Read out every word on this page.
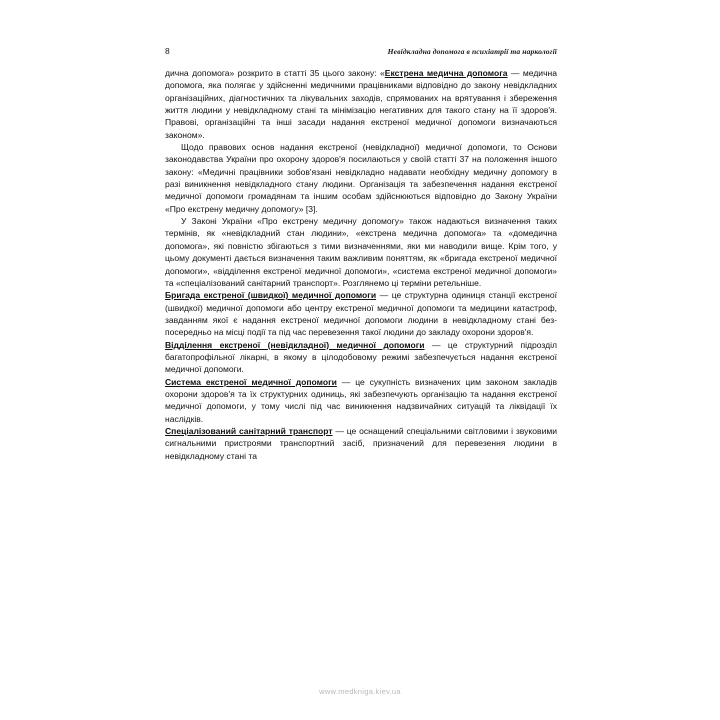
8	Невідкладна допомога в психіатрії та наркології

дична допомога» розкрито в статті 35 цього закону: «Екстрена медична допомога — медична допомога, яка полягає у здійсненні медичними працівниками відповідно до закону невідкладних організаційних, діагностичних та лікувальних заходів, спрямованих на врятування і збереження життя людини у невідкладному стані та мінімізацію негативних для такого стану на її здоров'я. Правові, організаційні та інші засади надання екстреної медичної допомоги визначаються законом».

Щодо правових основ надання екстреної (невідкладної) медичної допомоги, то Основи законодавства України про охорону здоров'я посилаються у своїй статті 37 на положення іншого закону: «Медичні працівники зобов'язані невідкладно надавати необхідну медичну допомогу в разі виникнення невідкладного стану людини. Організація та забезпечення надання екстреної медичної допомоги громадянам та іншим особам здійснюються відповідно до Закону України «Про екстрену медичну допомогу» [3].

У Законі України «Про екстрену медичну допомогу» також надаються визначення таких термінів, як «невідкладний стан людини», «екстрена медична допомога» та «домедична допомога», які повністю збігаються з тими визначеннями, яки ми наводили вище. Крім того, у цьому документі дається визначення таким важливим поняттям, як «бригада екстреної медичної допомоги», «відділення екстреної медичної допомоги», «система екстреної медичної допомоги» та «спеціалізований санітарний транспорт». Розглянемо ці терміни ретельніше.

Бригада екстреної (швидкої) медичної допомоги — це структурна одиниця станції екстреної (швидкої) медичної допомоги або центру екстреної медичної допомоги та медицини катастроф, завданням якої є надання екстреної медичної допомоги людини в невідкладному стані безпосередньо на місці події та під час перевезення такої людини до закладу охорони здоров'я.

Відділення екстреної (невідкладної) медичної допомоги — це структурний підрозділ багатопрофільної лікарні, в якому в цілодобовому режимі забезпечується надання екстреної медичної допомоги.

Система екстреної медичної допомоги — це сукупність визначених цим законом закладів охорони здоров'я та їх структурних одиниць, які забезпечують організацію та надання екстреної медичної допомоги, у тому числі під час виникнення надзвичайних ситуацій та ліквідації їх наслідків.

Спеціалізований санітарний транспорт — це оснащений спеціальними світловими і звуковими сигнальними пристроями транспортний засіб, призначений для перевезення людини в невідкладному стані та

www.medkniga.kiev.ua
